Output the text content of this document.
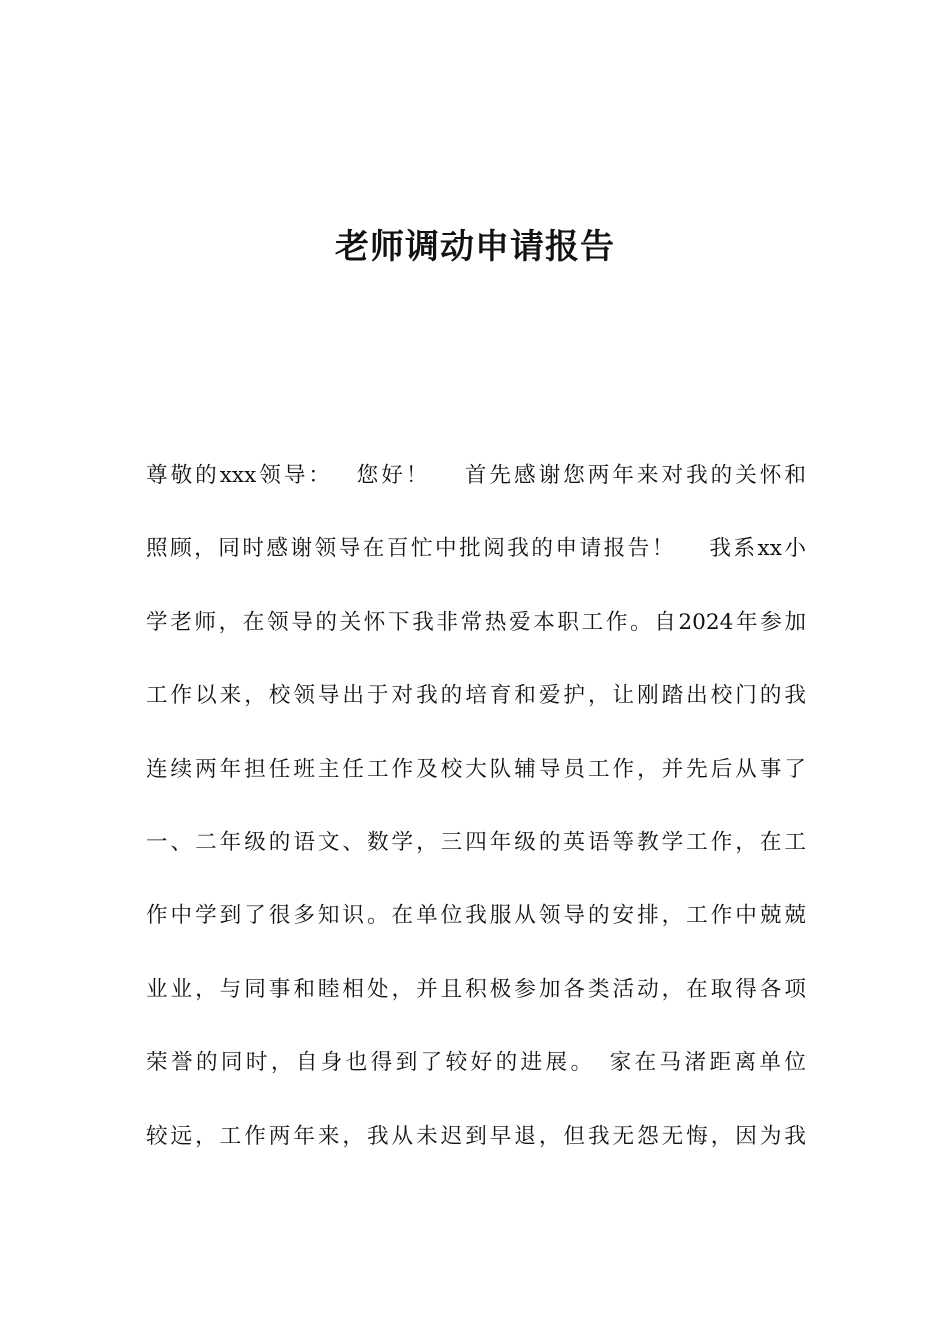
老师调动申请报告
尊敬的xxx领导：　 您好！　 首先感谢您两年来对我的关怀和
照顾，同时感谢领导在百忙中批阅我的申请报告！　 我系xx小
学老师，在领导的关怀下我非常热爱本职工作。自2024年参加
工作以来，校领导出于对我的培育和爱护，让刚踏出校门的我
连续两年担任班主任工作及校大队辅导员工作，并先后从事了
一、二年级的语文、数学，三四年级的英语等教学工作，在工
作中学到了很多知识。在单位我服从领导的安排，工作中兢兢
业业，与同事和睦相处，并且积极参加各类活动，在取得各项
荣誉的同时，自身也得到了较好的进展。　家在马渚距离单位
较远，工作两年来，我从未迟到早退，但我无怨无悔，因为我
